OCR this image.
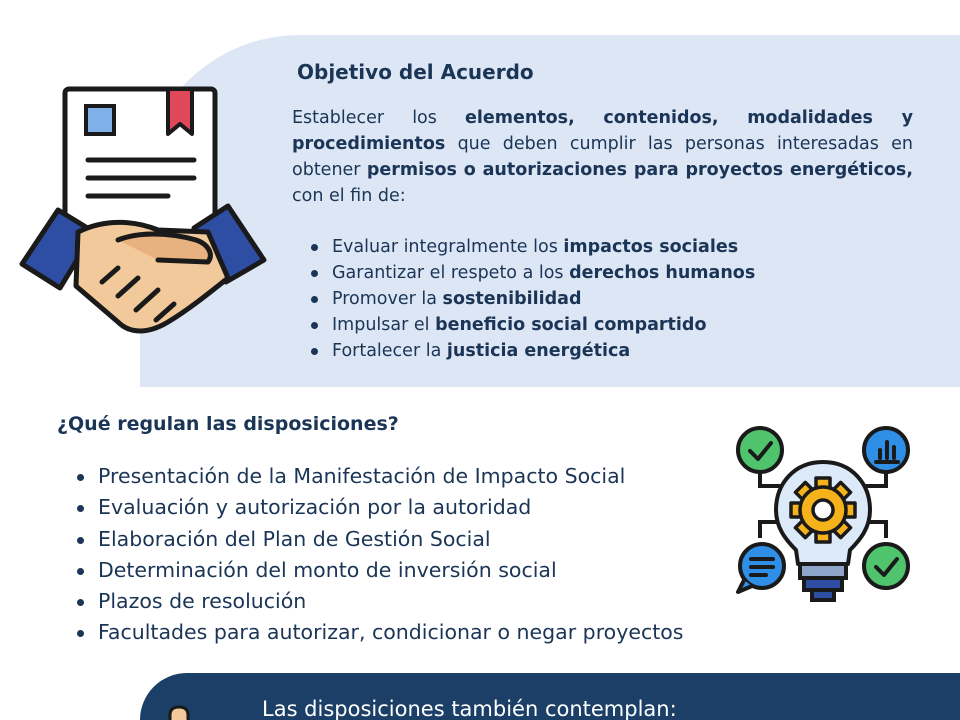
Objetivo del Acuerdo
Establecer los elementos, contenidos, modalidades y procedimientos que deben cumplir las personas interesadas en obtener permisos o autorizaciones para proyectos energéticos, con el fin de:
Evaluar integralmente los impactos sociales
Garantizar el respeto a los derechos humanos
Promover la sostenibilidad
Impulsar el beneficio social compartido
Fortalecer la justicia energética
¿Qué regulan las disposiciones?
Presentación de la Manifestación de Impacto Social
Evaluación y autorización por la autoridad
Elaboración del Plan de Gestión Social
Determinación del monto de inversión social
Plazos de resolución
Facultades para autorizar, condicionar o negar proyectos
Las disposiciones también contemplan:
